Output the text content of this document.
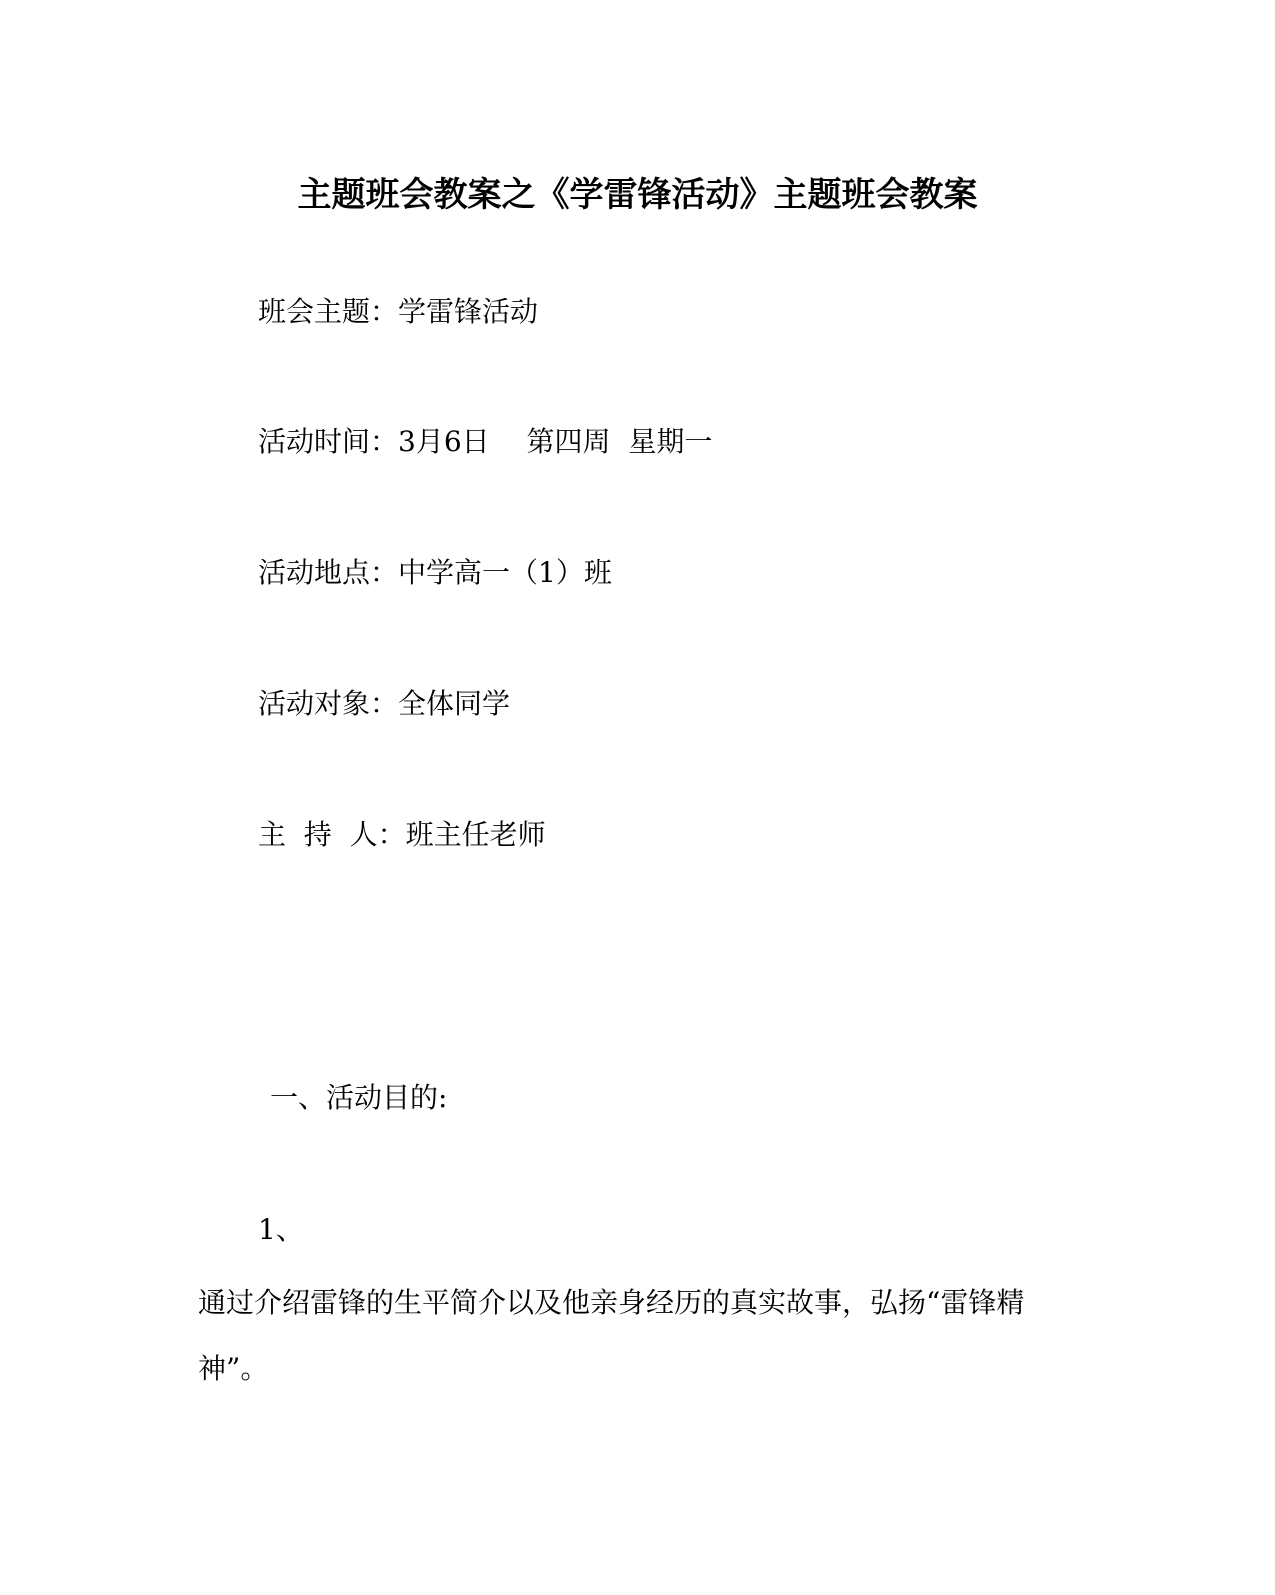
主题班会教案之《学雷锋活动》主题班会教案
班会主题：学雷锋活动
活动时间：3月6日　 第四周  星期一
活动地点：中学高一（1）班
活动对象：全体同学
主  持  人：班主任老师
一、活动目的:
1、
通过介绍雷锋的生平简介以及他亲身经历的真实故事，弘扬“雷锋精神”。
